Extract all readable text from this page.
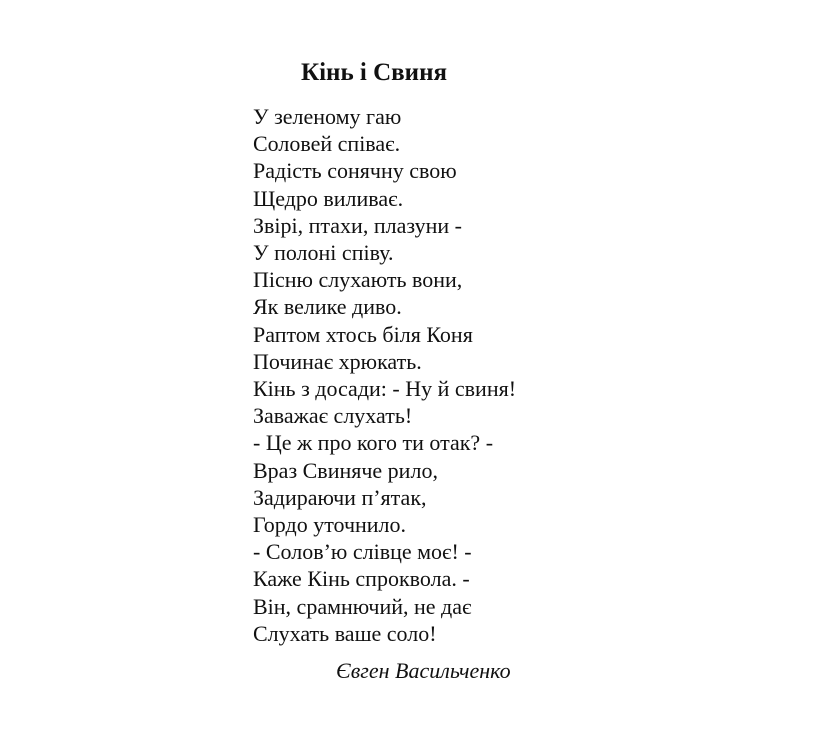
Кінь і Свиня
У зеленому гаю
Соловей співає.
Радість сонячну свою
Щедро виливає.
Звірі, птахи, плазуни -
У полоні співу.
Пісню слухають вони,
Як велике диво.
Раптом хтось біля Коня
Починає хрюкать.
Кінь з досади: - Ну й свиня!
Заважає слухать!
- Це ж про кого ти отак? -
Враз Свиняче рило,
Задираючи п’ятак,
Гордо уточнило.
- Солов’ю слівце моє! -
Каже Кінь спроквола. -
Він, срамнючий, не дає
Слухать ваше соло!
Євген Васильченко
